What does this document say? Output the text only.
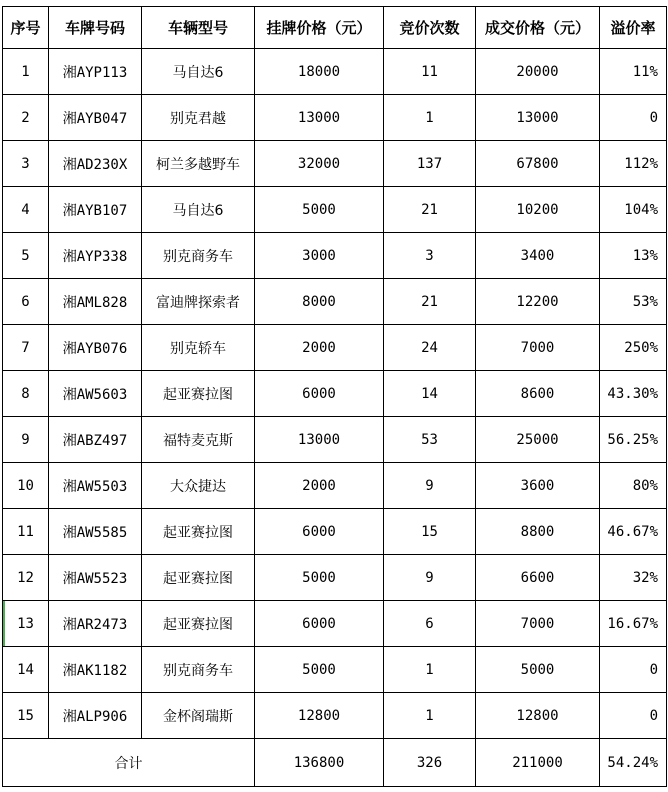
序号	车牌号码	车辆型号	挂牌价格（元）	竞价次数	成交价格（元）	溢价率
1	湘AYP113	马自达6	18000	11	20000	11%
2	湘AYB047	别克君越	13000	1	13000	0
3	湘AD230X	柯兰多越野车	32000	137	67800	112%
4	湘AYB107	马自达6	5000	21	10200	104%
5	湘AYP338	别克商务车	3000	3	3400	13%
6	湘AML828	富迪牌探索者	8000	21	12200	53%
7	湘AYB076	别克轿车	2000	24	7000	250%
8	湘AW5603	起亚赛拉图	6000	14	8600	43.30%
9	湘ABZ497	福特麦克斯	13000	53	25000	56.25%
10	湘AW5503	大众捷达	2000	9	3600	80%
11	湘AW5585	起亚赛拉图	6000	15	8800	46.67%
12	湘AW5523	起亚赛拉图	5000	9	6600	32%
13	湘AR2473	起亚赛拉图	6000	6	7000	16.67%
14	湘AK1182	别克商务车	5000	1	5000	0
15	湘ALP906	金杯阁瑞斯	12800	1	12800	0
合计			136800	326	211000	54.24%
